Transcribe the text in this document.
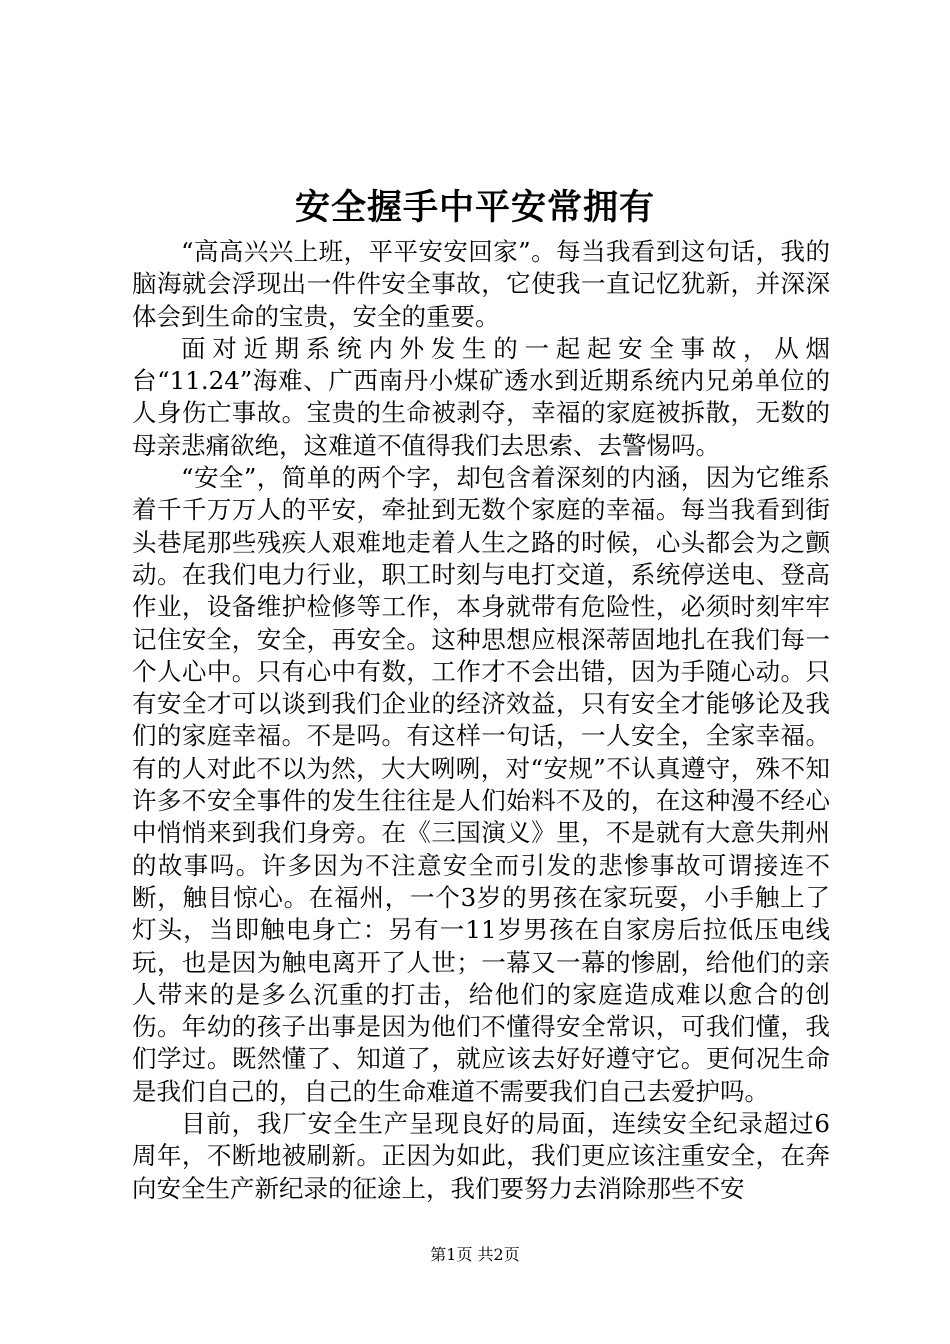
安全握手中平安常拥有

“高高兴兴上班，平平安安回家”。每当我看到这句话，我的脑海就会浮现出一件件安全事故，它使我一直记忆犹新，并深深体会到生命的宝贵，安全的重要。

面对近期系统内外发生的一起起安全事故，从烟台“11.24”海难、广西南丹小煤矿透水到近期系统内兄弟单位的人身伤亡事故。宝贵的生命被剥夺，幸福的家庭被拆散，无数的母亲悲痛欲绝，这难道不值得我们去思索、去警惕吗。

“安全”，简单的两个字，却包含着深刻的内涵，因为它维系着千千万万人的平安，牵扯到无数个家庭的幸福。每当我看到街头巷尾那些残疾人艰难地走着人生之路的时候，心头都会为之颤动。在我们电力行业，职工时刻与电打交道，系统停送电、登高作业，设备维护检修等工作，本身就带有危险性，必须时刻牢牢记住安全，安全，再安全。这种思想应根深蒂固地扎在我们每一个人心中。只有心中有数，工作才不会出错，因为手随心动。只有安全才可以谈到我们企业的经济效益，只有安全才能够论及我们的家庭幸福。不是吗。有这样一句话，一人安全，全家幸福。有的人对此不以为然，大大咧咧，对“安规”不认真遵守，殊不知许多不安全事件的发生往往是人们始料不及的，在这种漫不经心中悄悄来到我们身旁。在《三国演义》里，不是就有大意失荆州的故事吗。许多因为不注意安全而引发的悲惨事故可谓接连不断，触目惊心。在福州，一个3岁的男孩在家玩耍，小手触上了灯头，当即触电身亡：另有一11岁男孩在自家房后拉低压电线玩，也是因为触电离开了人世；一幕又一幕的惨剧，给他们的亲人带来的是多么沉重的打击，给他们的家庭造成难以愈合的创伤。年幼的孩子出事是因为他们不懂得安全常识，可我们懂，我们学过。既然懂了、知道了，就应该去好好遵守它。更何况生命是我们自己的，自己的生命难道不需要我们自己去爱护吗。

目前，我厂安全生产呈现良好的局面，连续安全纪录超过6周年，不断地被刷新。正因为如此，我们更应该注重安全，在奔向安全生产新纪录的征途上，我们要努力去消除那些不安

第1页 共2页
